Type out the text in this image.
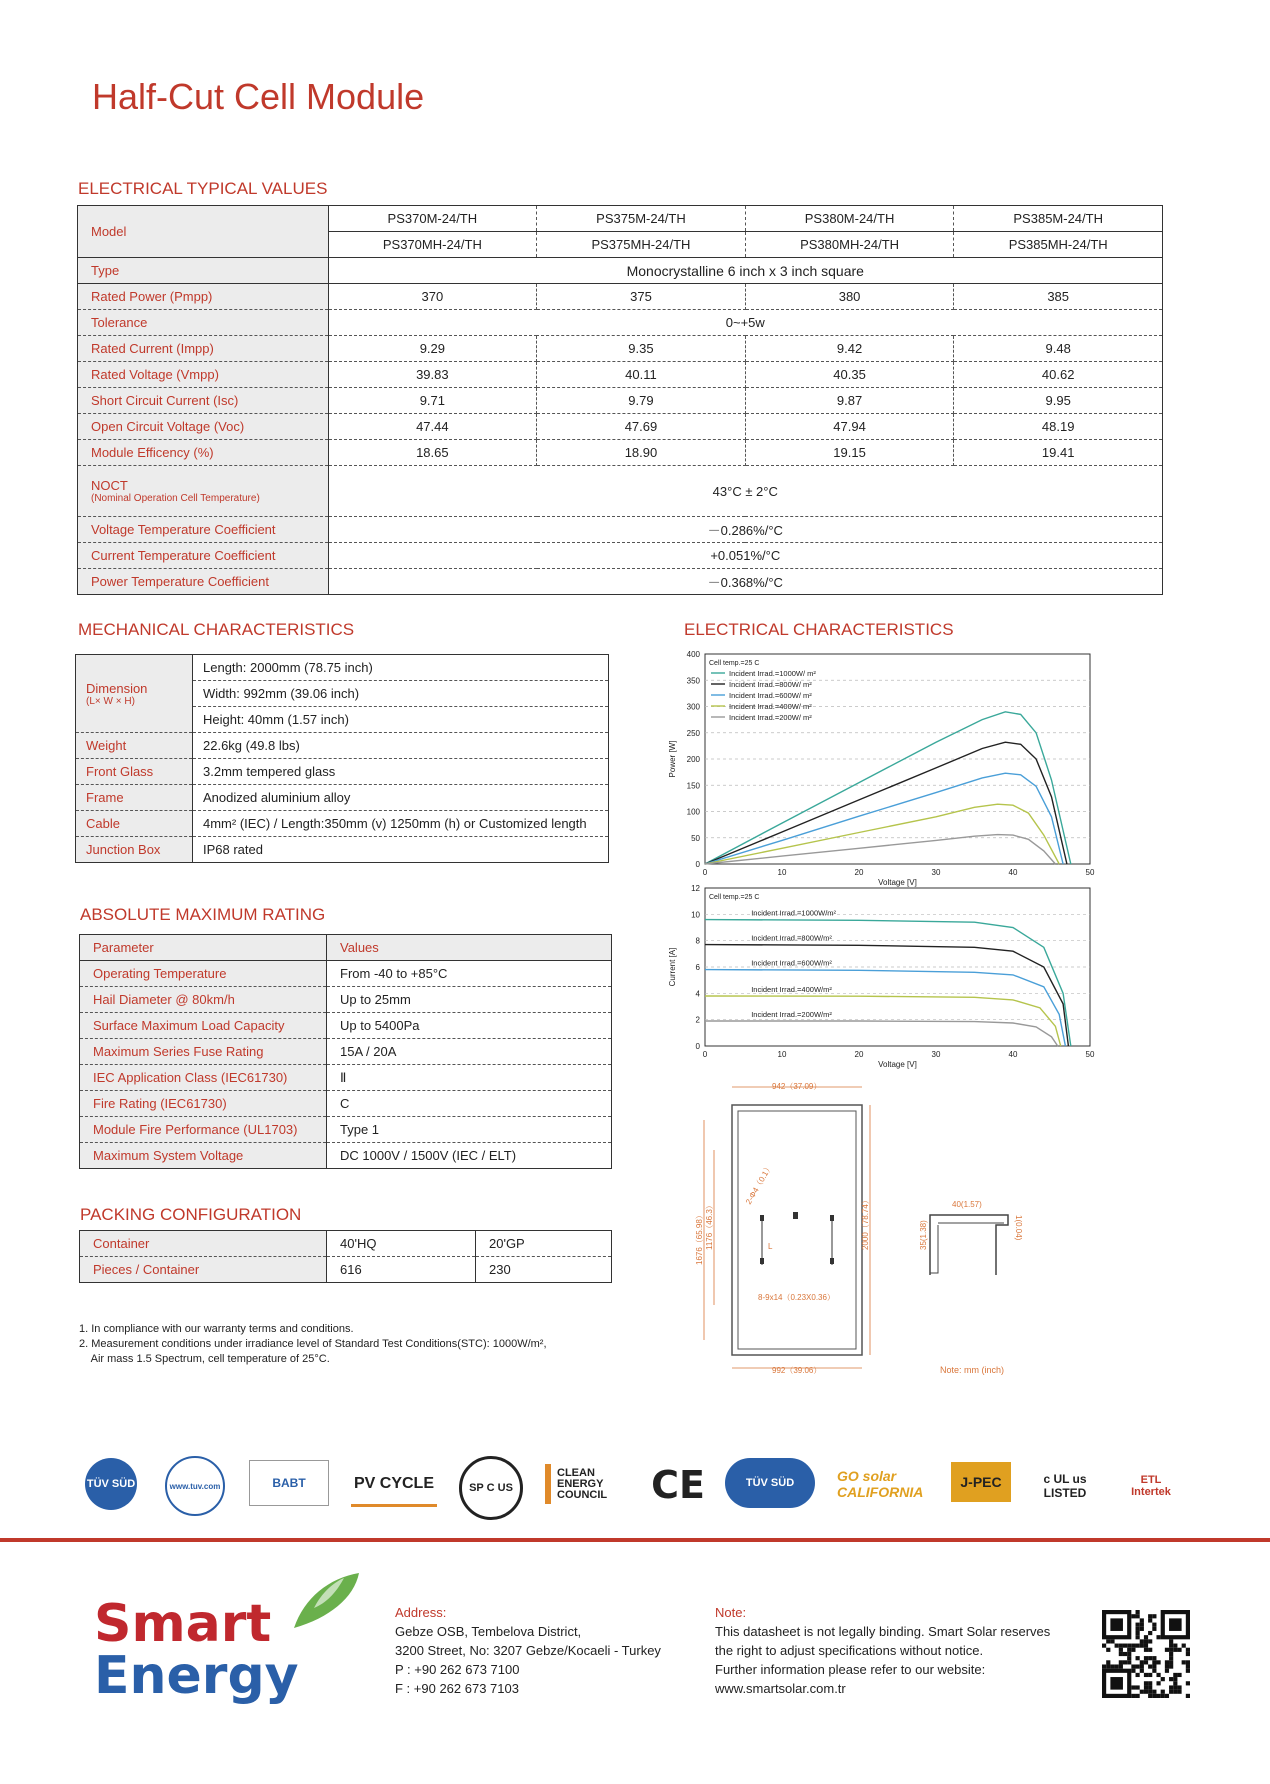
Half-Cut Cell Module
ELECTRICAL TYPICAL VALUES
Model	PS370M-24/TH	PS375M-24/TH	PS380M-24/TH	PS385M-24/TH
	PS370MH-24/TH	PS375MH-24/TH	PS380MH-24/TH	PS385MH-24/TH
Type	Monocrystalline 6 inch x 3 inch square			
Rated Power (Pmpp)	370	375	380	385
Tolerance	0~+5w			
Rated Current (Impp)	9.29	9.35	9.42	9.48
Rated Voltage (Vmpp)	39.83	40.11	40.35	40.62
Short Circuit Current (Isc)	9.71	9.79	9.87	9.95
Open Circuit Voltage (Voc)	47.44	47.69	47.94	48.19
Module Efficency (%)	18.65	18.90	19.15	19.41

NOCT
(Nominal Operation Cell Temperature)	43°C ± 2°C			
Voltage Temperature Coefficient	－0.286%/°C			
Current Temperature Coefficient	+0.051%/°C			
Power Temperature Coefficient	－0.368%/°C			
MECHANICAL CHARACTERISTICS
Dimension
(L× W × H)	Length: 2000mm (78.75 inch)
	Width: 992mm (39.06 inch)
	Height: 40mm (1.57 inch)
Weight	22.6kg (49.8 lbs)
Front Glass	3.2mm tempered glass
Frame	Anodized aluminium alloy
Cable	4mm² (IEC) / Length:350mm (v) 1250mm (h) or Customized length
Junction Box	IP68 rated
ABSOLUTE MAXIMUM RATING
Parameter	Values
Operating Temperature	From -40 to +85°C
Hail Diameter @ 80km/h	Up to 25mm
Surface Maximum Load Capacity	Up to 5400Pa
Maximum Series Fuse Rating	15A / 20A
IEC Application Class (IEC61730)	Ⅱ
Fire Rating (IEC61730)	C
Module Fire Performance (UL1703)	Type 1
Maximum System Voltage	DC 1000V / 1500V (IEC / ELT)
PACKING CONFIGURATION
Container	40'HQ	20'GP
Pieces / Container	616	230
1. In compliance with our warranty terms and conditions.
2. Measurement conditions under irradiance level of Standard Test Conditions(STC): 1000W/m²,
Air mass 1.5 Spectrum, cell temperature of 25°C.
ELECTRICAL CHARACTERISTICS
0
50
100
150
200
250
300
350
400
0	10	20	30	40	50
Voltage [V]
Power [W]
Cell temp.=25 C
Incident Irrad.=1000W/ m²
Incident Irrad.=800W/ m²
Incident Irrad.=600W/ m²
Incident Irrad.=400W/ m²
Incident Irrad.=200W/ m²
0
2
4
6
8
10
12
0	10	20	30	40	50
Voltage [V]
Current [A]
Cell temp.=25 C
Incident Irrad.=1000W/m²
Incident Irrad.=800W/m²
Incident Irrad.=600W/m²
Incident Irrad.=400W/m²
Incident Irrad.=200W/m²
942（37.09）
992（39.06）
1676（65.98） 1176（46.3）	2000（78.74）
2-Φ4（0.1）
L
8-9x14（0.23X0.36）
40(1.57)
35(1.38)	1(0.04)
Note: mm (inch)
TÜV SÜD	www.tuv.com	BABT	PV CYCLE	SP C US
CLEAN ENERGY COUNCIL	CE	TÜV SÜD	GO solar CALIFORNIA
J-PEC	c UL us LISTED
ETL Intertek
Smart
Energy
Address:
Gebze OSB, Tembelova District,
3200 Street, No: 3207 Gebze/Kocaeli - Turkey
P : +90 262 673 7100
F : +90 262 673 7103
Note:
This datasheet is not legally binding. Smart Solar reserves
the right to adjust specifications without notice.
Further information please refer to our website:
www.smartsolar.com.tr
